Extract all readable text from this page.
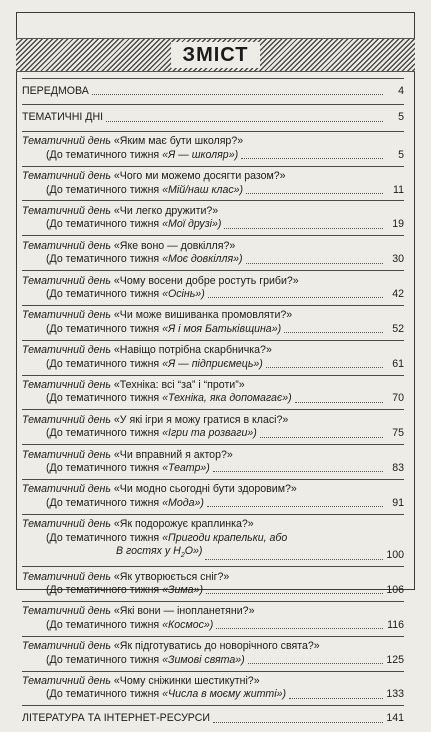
ЗМІСТ
ПЕРЕДМОВА	4
ТЕМАТИЧНІ ДНІ	5
Тематичний день «Яким має бути школяр?»
(До тематичного тижня «Я — школяр»)	5
Тематичний день «Чого ми можемо досягти разом?»
(До тематичного тижня «Мій/наш клас»)	11
Тематичний день «Чи легко дружити?»
(До тематичного тижня «Мої друзі»)	19
Тематичний день «Яке воно — довкілля?»
(До тематичного тижня «Моє довкілля»)	30
Тематичний день «Чому восени добре ростуть гриби?»
(До тематичного тижня «Осінь»)	42
Тематичний день «Чи може вишиванка промовляти?»
(До тематичного тижня «Я і моя Батьківщина»)	52
Тематичний день «Навіщо потрібна скарбничка?»
(До тематичного тижня «Я — підприємець»)	61
Тематичний день «Техніка: всі “за” і “проти”»
(До тематичного тижня «Техніка, яка допомагає»)	70
Тематичний день «У які ігри я можу гратися в класі?»
(До тематичного тижня «Ігри та розваги»)	75
Тематичний день «Чи вправний я актор?»
(До тематичного тижня «Театр»)	83
Тематичний день «Чи модно сьогодні бути здоровим?»
(До тематичного тижня «Мода»)	91
Тематичний день «Як подорожує краплинка?»
(До тематичного тижня «Пригоди крапельки, або
В гостях у $H_2O$»)	100
Тематичний день «Як утворюється сніг?»
(До тематичного тижня «Зима»)	106
Тематичний день «Які вони — інопланетяни?»
(До тематичного тижня «Космос»)	116
Тематичний день «Як підготуватись до новорічного свята?»
(До тематичного тижня «Зимові свята»)	125
Тематичний день «Чому сніжинки шестикутні?»
(До тематичного тижня «Числа в моєму житті»)	133
ЛІТЕРАТУРА ТА ІНТЕРНЕТ-РЕСУРСИ	141
